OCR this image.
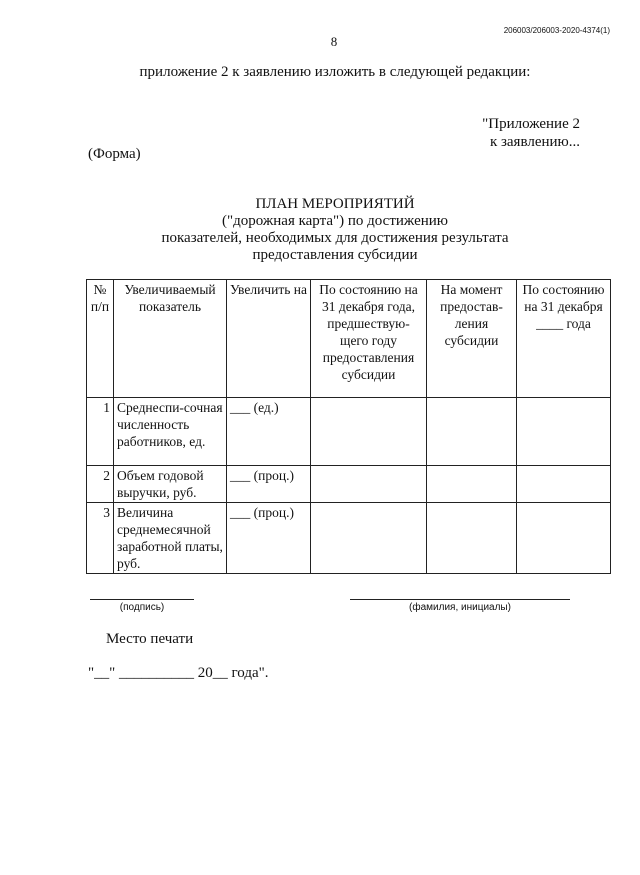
206003/206003-2020-4374(1)
8
приложение 2 к заявлению изложить в следующей редакции:
"Приложение 2
к заявлению...
(Форма)
ПЛАН МЕРОПРИЯТИЙ
("дорожная карта") по достижению
показателей, необходимых для достижения результата
предоставления субсидии
№ п/п	Увеличиваемый показатель	Увеличить на	По состоянию на 31 декабря года, предшествую-щего году предоставления субсидии	На момент предостав-ления субсидии	По состоянию на 31 декабря ____ года
1	Среднеспи-сочная численность работников, ед.	___ (ед.)			
2	Объем годовой выручки, руб.	___ (проц.)			
3	Величина среднемесячной заработной платы, руб.	___ (проц.)			
(подпись)	(фамилия, инициалы)
Место печати
"__" __________ 20__ года".
